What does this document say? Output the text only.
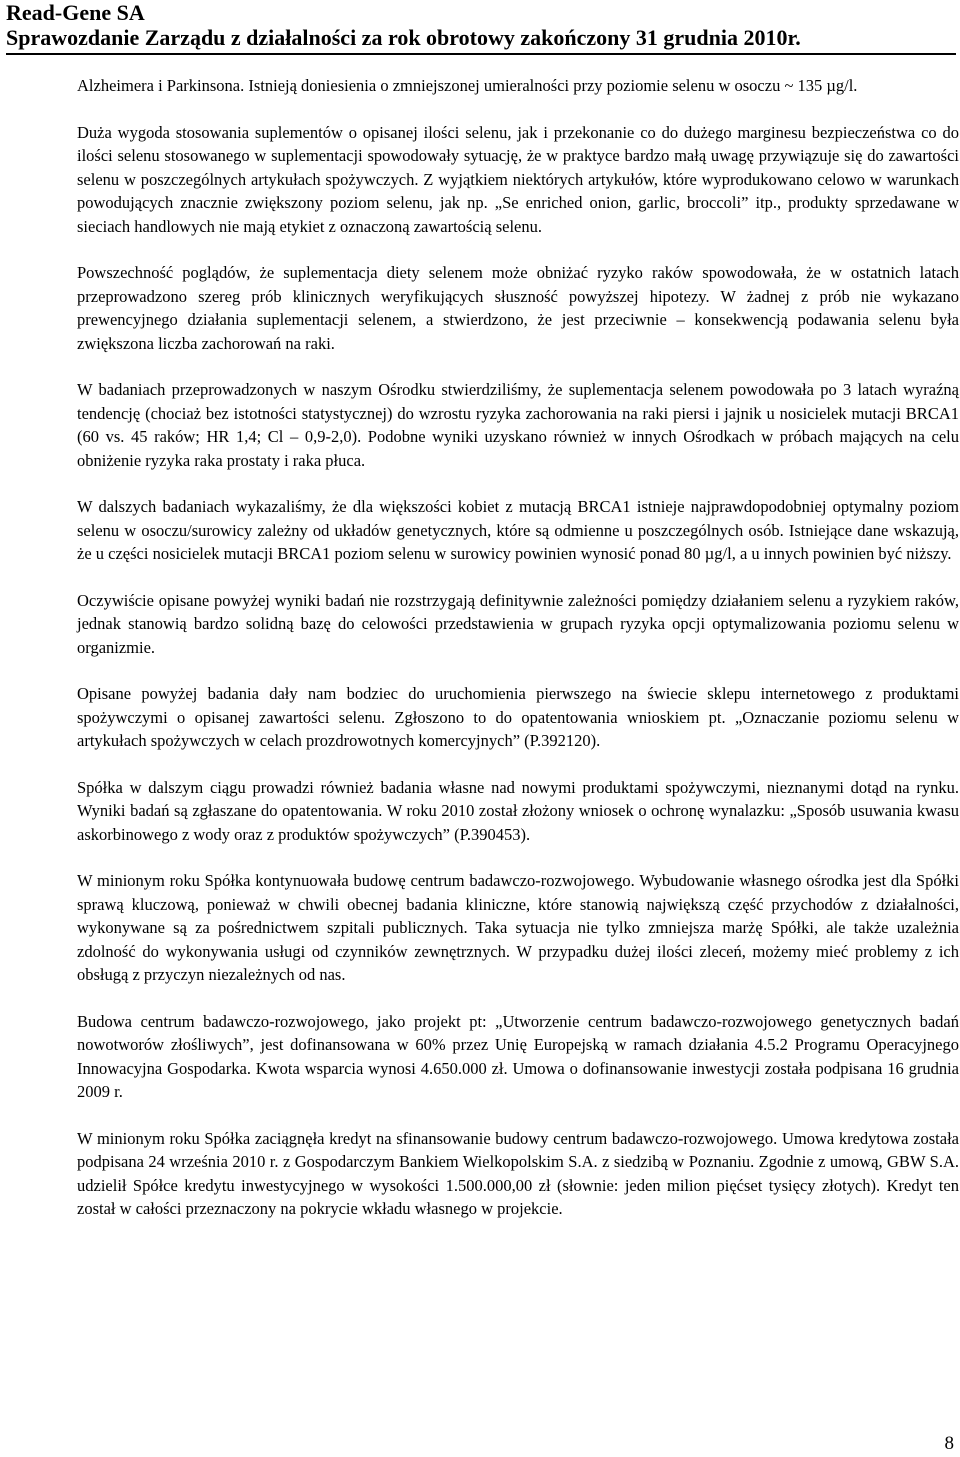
Read-Gene SA
Sprawozdanie Zarządu z działalności za rok obrotowy zakończony 31 grudnia 2010r.

Alzheimera i Parkinsona. Istnieją doniesienia o zmniejszonej umieralności przy poziomie selenu w osoczu ~ 135 µg/l.

Duża wygoda stosowania suplementów o opisanej ilości selenu, jak i przekonanie co do dużego marginesu bezpieczeństwa co do ilości selenu stosowanego w suplementacji spowodowały sytuację, że w praktyce bardzo małą uwagę przywiązuje się do zawartości selenu w poszczególnych artykułach spożywczych. Z wyjątkiem niektórych artykułów, które wyprodukowano celowo w warunkach powodujących znacznie zwiększony poziom selenu, jak np. „Se enriched onion, garlic, broccoli” itp., produkty sprzedawane w sieciach handlowych nie mają etykiet z oznaczoną zawartością selenu.

Powszechność poglądów, że suplementacja diety selenem może obniżać ryzyko raków spowodowała, że w ostatnich latach przeprowadzono szereg prób klinicznych weryfikujących słuszność powyższej hipotezy. W żadnej z prób nie wykazano prewencyjnego działania suplementacji selenem, a stwierdzono, że jest przeciwnie – konsekwencją podawania selenu była zwiększona liczba zachorowań na raki.

W badaniach przeprowadzonych w naszym Ośrodku stwierdziliśmy, że suplementacja selenem powodowała po 3 latach wyraźną tendencję (chociaż bez istotności statystycznej) do wzrostu ryzyka zachorowania na raki piersi i jajnik u nosicielek mutacji BRCA1 (60 vs. 45 raków; HR 1,4; Cl – 0,9-2,0). Podobne wyniki uzyskano również w innych Ośrodkach w próbach mających na celu obniżenie ryzyka raka prostaty i raka płuca.

W dalszych badaniach wykazaliśmy, że dla większości kobiet z mutacją BRCA1 istnieje najprawdopodobniej optymalny poziom selenu w osoczu/surowicy zależny od układów genetycznych, które są odmienne u poszczególnych osób. Istniejące dane wskazują, że u części nosicielek mutacji BRCA1 poziom selenu w surowicy powinien wynosić ponad 80 µg/l, a u innych powinien być niższy.

Oczywiście opisane powyżej wyniki badań nie rozstrzygają definitywnie zależności pomiędzy działaniem selenu a ryzykiem raków, jednak stanowią bardzo solidną bazę do celowości przedstawienia w grupach ryzyka opcji optymalizowania poziomu selenu w organizmie.

Opisane powyżej badania dały nam bodziec do uruchomienia pierwszego na świecie sklepu internetowego z produktami spożywczymi o opisanej zawartości selenu. Zgłoszono to do opatentowania wnioskiem pt. „Oznaczanie poziomu selenu w artykułach spożywczych w celach prozdrowotnych komercyjnych” (P.392120).

Spółka w dalszym ciągu prowadzi również badania własne nad nowymi produktami spożywczymi, nieznanymi dotąd na rynku. Wyniki badań są zgłaszane do opatentowania. W roku 2010 został złożony wniosek o ochronę wynalazku: „Sposób usuwania kwasu askorbinowego z wody oraz z produktów spożywczych” (P.390453).

W minionym roku Spółka kontynuowała budowę centrum badawczo-rozwojowego. Wybudowanie własnego ośrodka jest dla Spółki sprawą kluczową, ponieważ w chwili obecnej badania kliniczne, które stanowią największą część przychodów z działalności, wykonywane są za pośrednictwem szpitali publicznych. Taka sytuacja nie tylko zmniejsza marżę Spółki, ale także uzależnia zdolność do wykonywania usługi od czynników zewnętrznych. W przypadku dużej ilości zleceń, możemy mieć problemy z ich obsługą z przyczyn niezależnych od nas.

Budowa centrum badawczo-rozwojowego, jako projekt pt: „Utworzenie centrum badawczo-rozwojowego genetycznych badań nowotworów złośliwych”, jest dofinansowana w 60% przez Unię Europejską w ramach działania 4.5.2 Programu Operacyjnego Innowacyjna Gospodarka. Kwota wsparcia wynosi 4.650.000 zł. Umowa o dofinansowanie inwestycji została podpisana 16 grudnia 2009 r.

W minionym roku Spółka zaciągnęła kredyt na sfinansowanie budowy centrum badawczo-rozwojowego. Umowa kredytowa została podpisana 24 września 2010 r. z Gospodarczym Bankiem Wielkopolskim S.A. z siedzibą w Poznaniu. Zgodnie z umową, GBW S.A. udzielił Spółce kredytu inwestycyjnego w wysokości 1.500.000,00 zł (słownie: jeden milion pięćset tysięcy złotych). Kredyt ten został w całości przeznaczony na pokrycie wkładu własnego w projekcie.

8
